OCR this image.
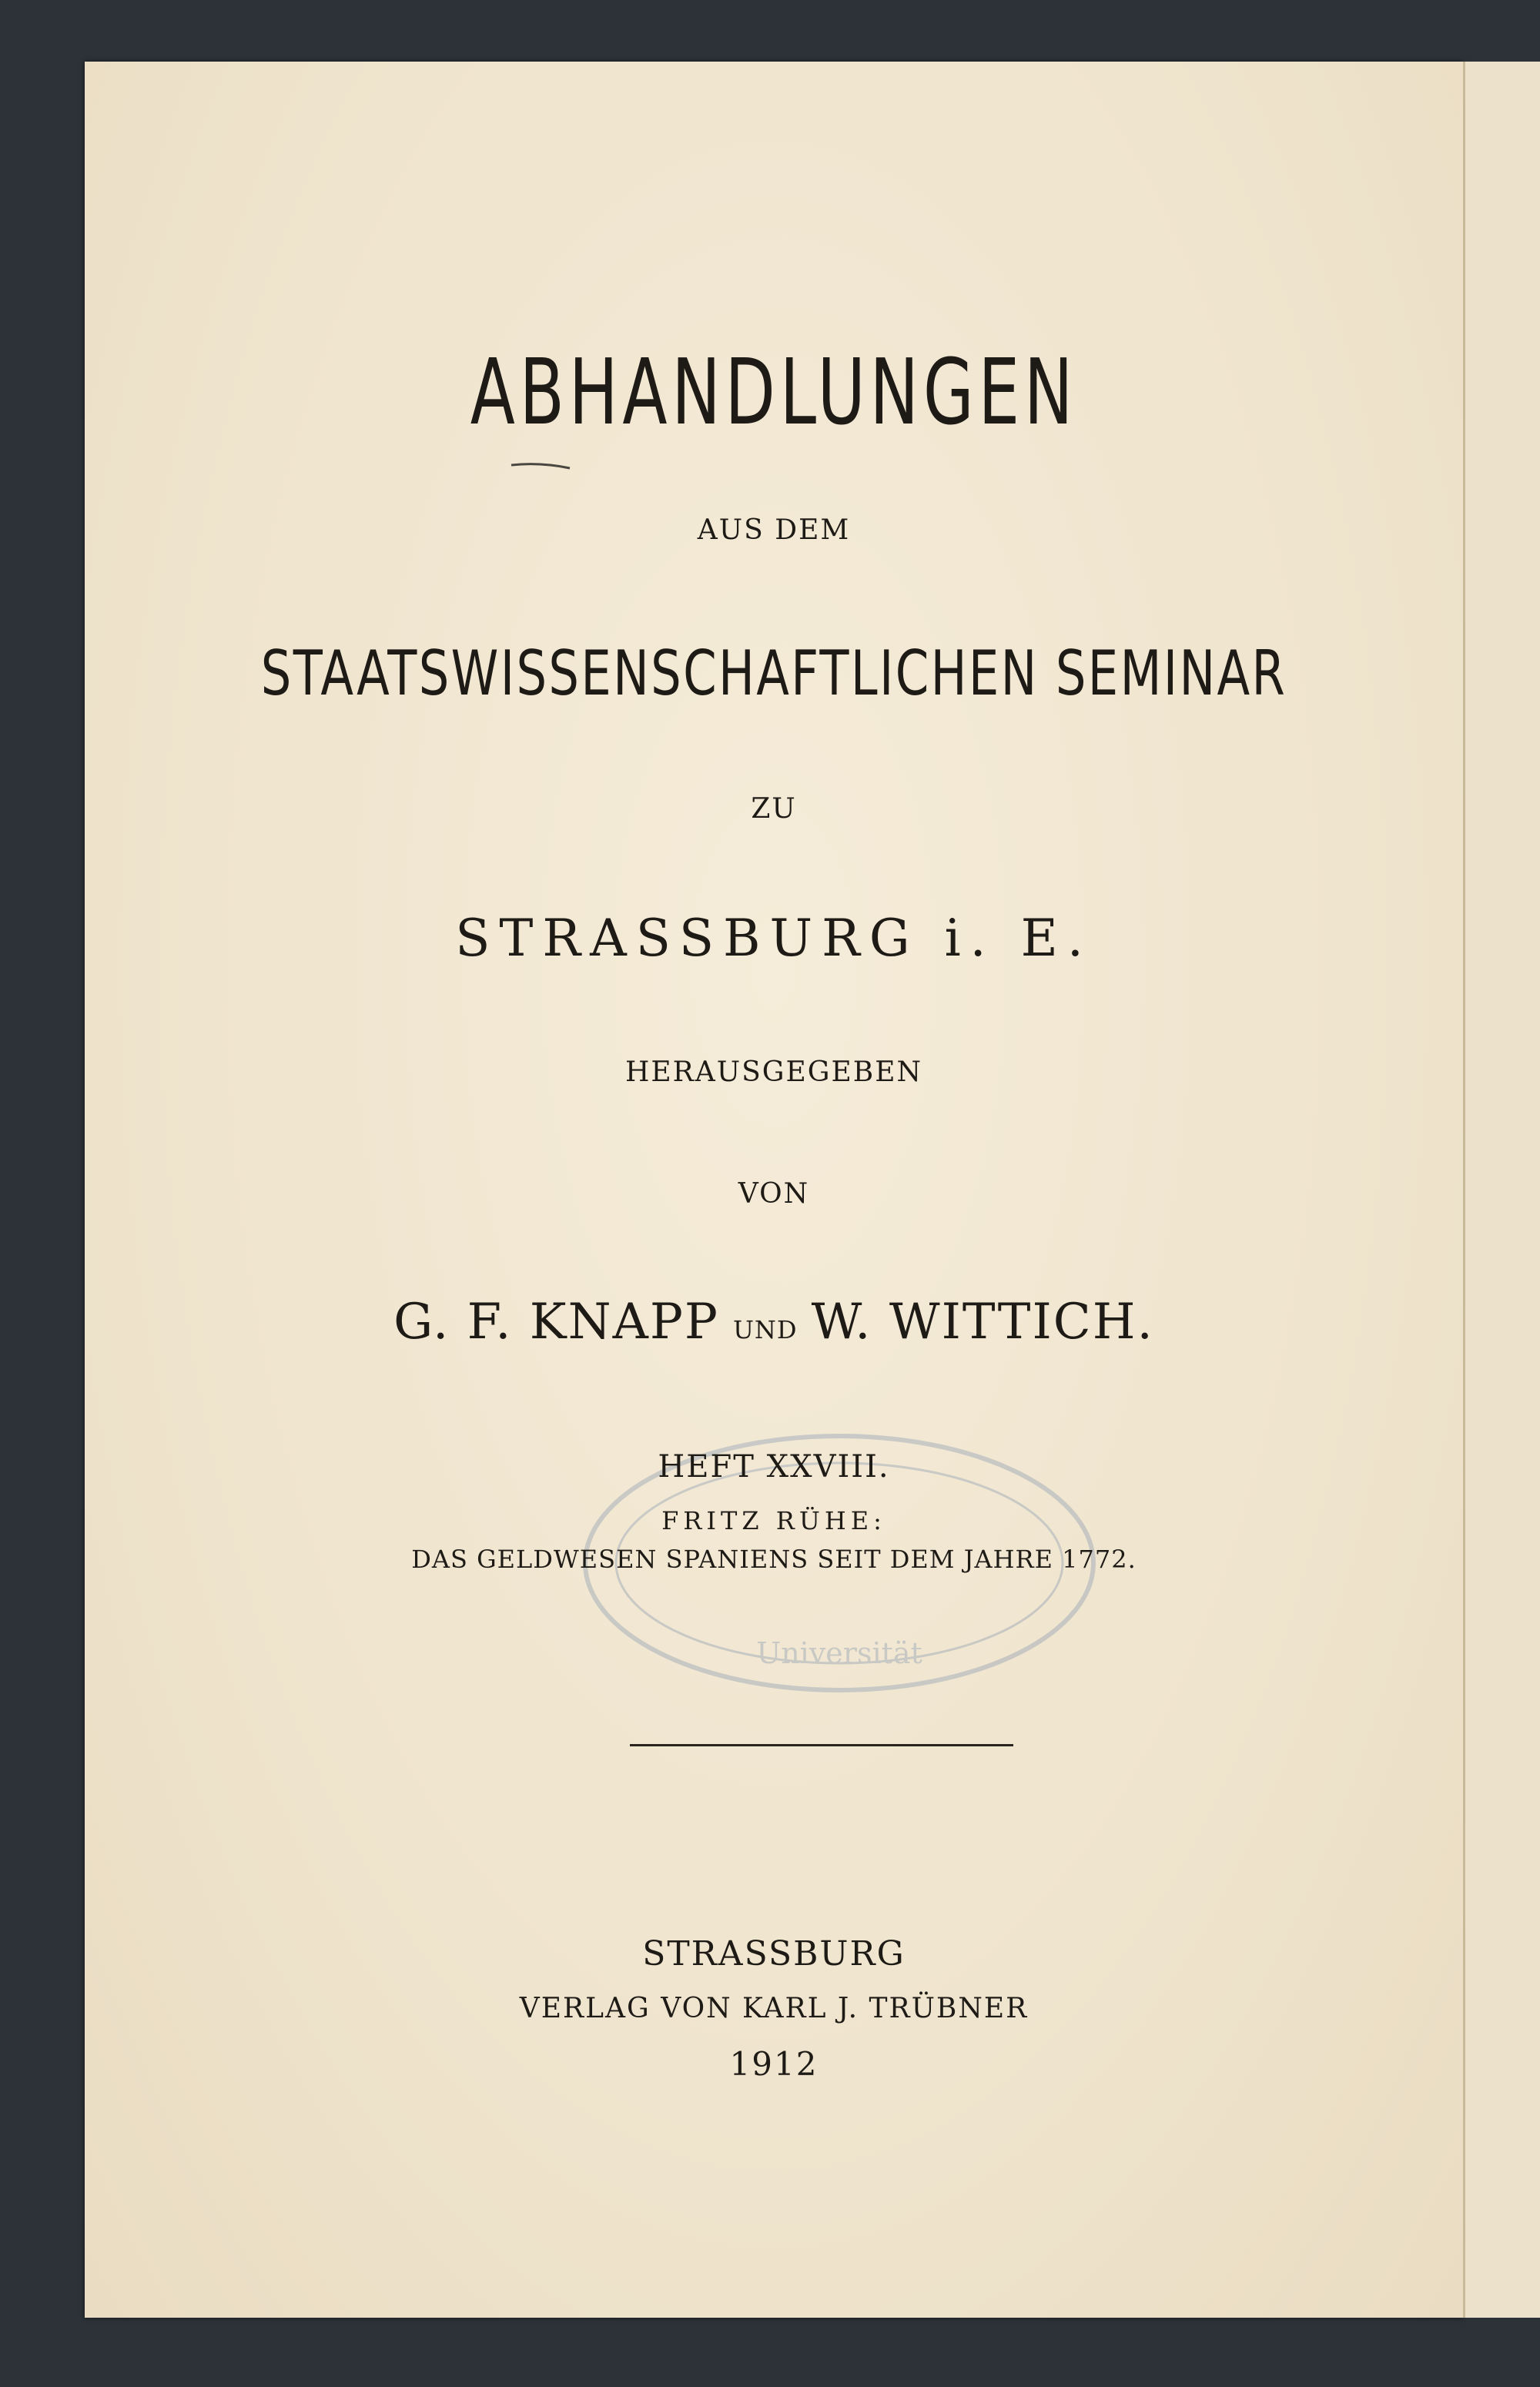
Universität
ABHANDLUNGEN
AUS DEM
STAATSWISSENSCHAFTLICHEN SEMINAR
ZU
STRASSBURG i. E.
HERAUSGEGEBEN
VON
G. F. KNAPP UND W. WITTICH.
HEFT XXVIII.
FRITZ RÜHE:
DAS GELDWESEN SPANIENS SEIT DEM JAHRE 1772.
STRASSBURG
VERLAG VON KARL J. TRÜBNER
1912
